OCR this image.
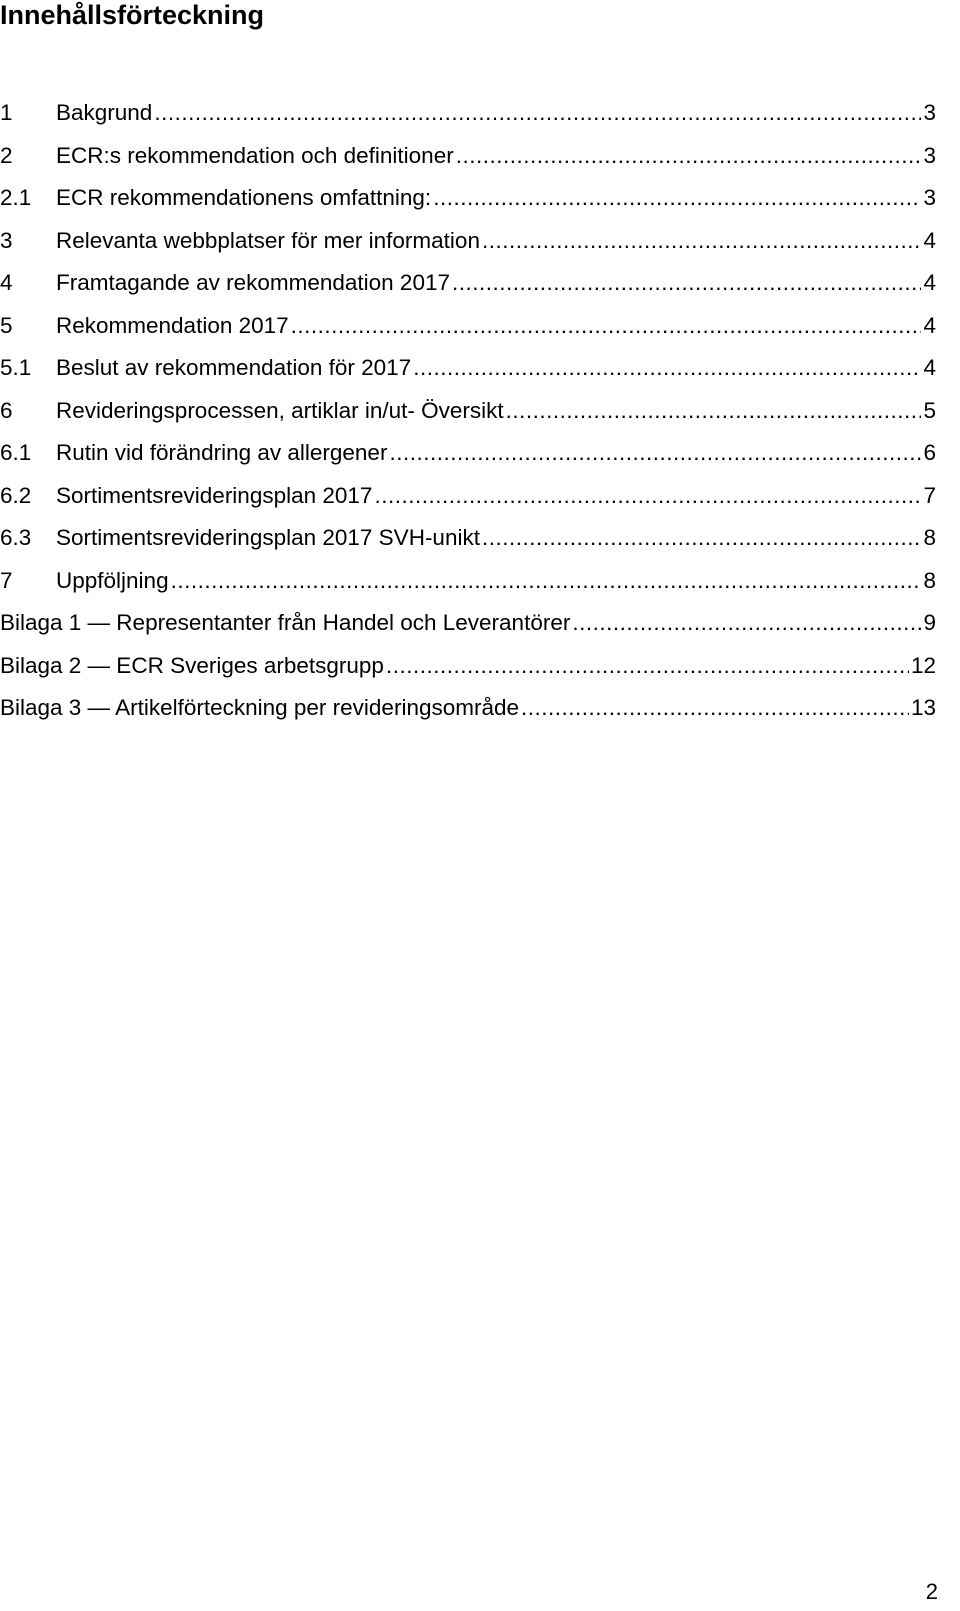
Innehållsförteckning
1	Bakgrund .....	3
2	ECR:s rekommendation och definitioner .....	3
2.1	ECR rekommendationens omfattning: .....	3
3	Relevanta webbplatser för mer information .....	4
4	Framtagande av rekommendation 2017 .....	4
5	Rekommendation 2017 .....	4
5.1	Beslut av rekommendation för 2017 .....	4
6	Revideringsprocessen, artiklar in/ut- Översikt .....	5
6.1	Rutin vid förändring av allergener .....	6
6.2	Sortimentsrevideringsplan 2017 .....	7
6.3	Sortimentsrevideringsplan 2017 SVH-unikt .....	8
7	Uppföljning .....	8
Bilaga 1 — Representanter från Handel och Leverantörer .....	9
Bilaga 2 — ECR Sveriges arbetsgrupp .....	12
Bilaga 3 — Artikelförteckning per revideringsområde .....	13
2
